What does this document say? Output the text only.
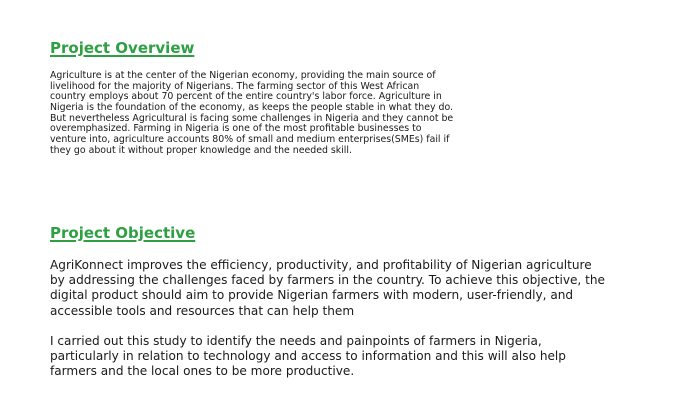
Project Overview

Agriculture is at the center of the Nigerian economy, providing the main source of
livelihood for the majority of Nigerians. The farming sector of this West African
country employs about 70 percent of the entire country's labor force. Agriculture in
Nigeria is the foundation of the economy, as keeps the people stable in what they do.
But nevertheless Agricultural is facing some challenges in Nigeria and they cannot be
overemphasized. Farming in Nigeria is one of the most profitable businesses to
venture into, agriculture accounts 80% of small and medium enterprises(SMEs) fail if
they go about it without proper knowledge and the needed skill.

Project Objective

AgriKonnect improves the efficiency, productivity, and profitability of Nigerian agriculture
by addressing the challenges faced by farmers in the country. To achieve this objective, the
digital product should aim to provide Nigerian farmers with modern, user-friendly, and
accessible tools and resources that can help them

I carried out this study to identify the needs and painpoints of farmers in Nigeria,
particularly in relation to technology and access to information and this will also help
farmers and the local ones to be more productive.
